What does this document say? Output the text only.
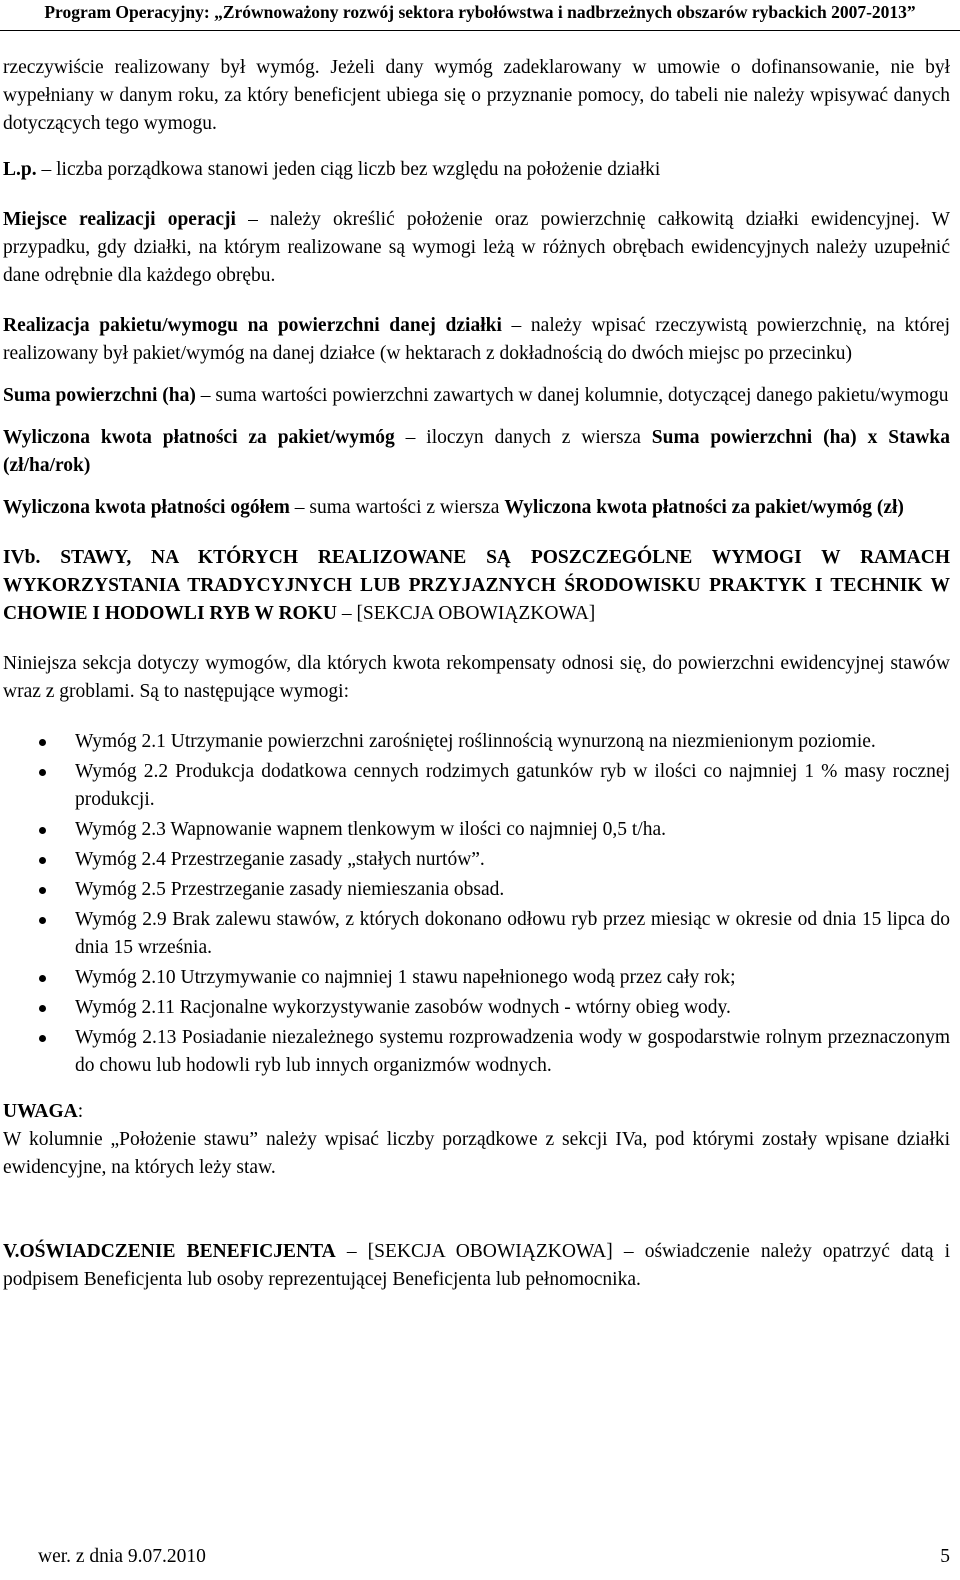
Program Operacyjny: „Zrównoważony rozwój sektora rybołówstwa i nadbrzeżnych obszarów rybackich 2007-2013”

rzeczywiście realizowany był wymóg. Jeżeli dany wymóg zadeklarowany w umowie o dofinansowanie, nie był wypełniany w danym roku, za który beneficjent ubiega się o przyznanie pomocy, do tabeli nie należy wpisywać danych dotyczących tego wymogu.

L.p. – liczba porządkowa stanowi jeden ciąg liczb bez względu na położenie działki

Miejsce realizacji operacji – należy określić położenie oraz powierzchnię całkowitą działki ewidencyjnej. W przypadku, gdy działki, na którym realizowane są wymogi leżą w różnych obrębach ewidencyjnych należy uzupełnić dane odrębnie dla każdego obrębu.

Realizacja pakietu/wymogu na powierzchni danej działki – należy wpisać rzeczywistą powierzchnię, na której realizowany był pakiet/wymóg na danej działce (w hektarach z dokładnością do dwóch miejsc po przecinku)

Suma powierzchni (ha) – suma wartości powierzchni zawartych w danej kolumnie, dotyczącej danego pakietu/wymogu

Wyliczona kwota płatności za pakiet/wymóg – iloczyn danych z wiersza Suma powierzchni (ha) x Stawka (zł/ha/rok)

Wyliczona kwota płatności ogółem – suma wartości z wiersza Wyliczona kwota płatności za pakiet/wymóg (zł)

IVb. STAWY, NA KTÓRYCH REALIZOWANE SĄ POSZCZEGÓLNE WYMOGI W RAMACH WYKORZYSTANIA TRADYCYJNYCH LUB PRZYJAZNYCH ŚRODOWISKU PRAKTYK I TECHNIK W CHOWIE I HODOWLI RYB W ROKU – [SEKCJA OBOWIĄZKOWA]

Niniejsza sekcja dotyczy wymogów, dla których kwota rekompensaty odnosi się, do powierzchni ewidencyjnej stawów wraz z groblami. Są to następujące wymogi:

Wymóg 2.1 Utrzymanie powierzchni zarośniętej roślinnością wynurzoną na niezmienionym poziomie.
Wymóg 2.2 Produkcja dodatkowa cennych rodzimych gatunków ryb w ilości co najmniej 1 % masy rocznej produkcji.
Wymóg 2.3 Wapnowanie wapnem tlenkowym w ilości co najmniej 0,5 t/ha.
Wymóg 2.4 Przestrzeganie zasady „stałych nurtów”.
Wymóg 2.5 Przestrzeganie zasady niemieszania obsad.
Wymóg 2.9 Brak zalewu stawów, z których dokonano odłowu ryb przez miesiąc w okresie od dnia 15 lipca do dnia 15 września.
Wymóg 2.10 Utrzymywanie co najmniej 1 stawu napełnionego wodą przez cały rok;
Wymóg 2.11 Racjonalne wykorzystywanie zasobów wodnych - wtórny obieg wody.
Wymóg 2.13 Posiadanie niezależnego systemu rozprowadzenia wody w gospodarstwie rolnym przeznaczonym do chowu lub hodowli ryb lub innych organizmów wodnych.

UWAGA:

W kolumnie „Położenie stawu” należy wpisać liczby porządkowe z sekcji IVa, pod którymi zostały wpisane działki ewidencyjne, na których leży staw.

V.OŚWIADCZENIE BENEFICJENTA – [SEKCJA OBOWIĄZKOWA] – oświadczenie należy opatrzyć datą i podpisem Beneficjenta lub osoby reprezentującej Beneficjenta lub pełnomocnika.

wer. z dnia 9.07.2010	5
